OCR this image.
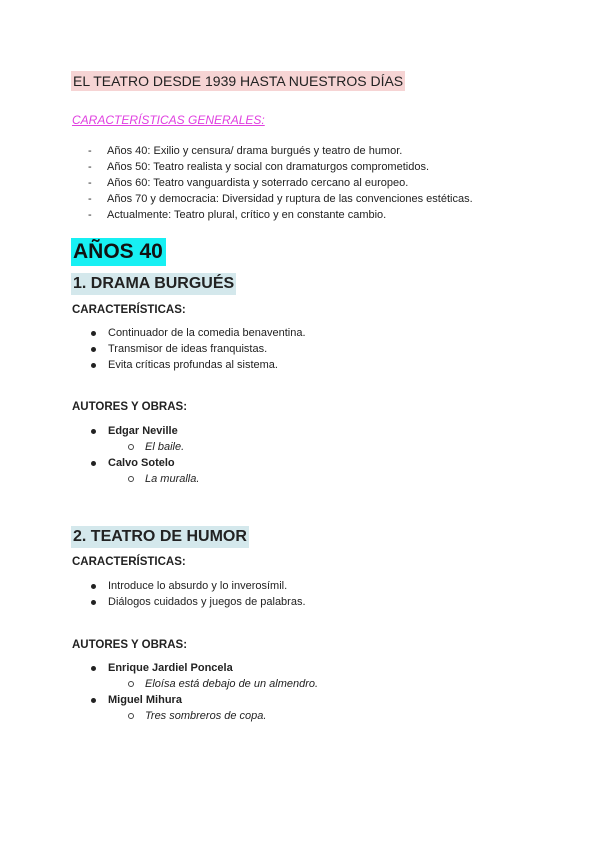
EL TEATRO DESDE 1939 HASTA NUESTROS DÍAS
CARACTERÍSTICAS GENERALES:
- Años 40: Exilio y censura/ drama burgués y teatro de humor.
- Años 50: Teatro realista y social con dramaturgos comprometidos.
- Años 60: Teatro vanguardista y soterrado cercano al europeo.
- Años 70 y democracia: Diversidad y ruptura de las convenciones estéticas.
- Actualmente: Teatro plural, crítico y en constante cambio.
AÑOS 40
1. DRAMA BURGUÉS
CARACTERÍSTICAS:
Continuador de la comedia benaventina.
Transmisor de ideas franquistas.
Evita críticas profundas al sistema.
AUTORES Y OBRAS:
Edgar Neville
El baile.
Calvo Sotelo
La muralla.
2. TEATRO DE HUMOR
CARACTERÍSTICAS:
Introduce lo absurdo y lo inverosímil.
Diálogos cuidados y juegos de palabras.
AUTORES Y OBRAS:
Enrique Jardiel Poncela
Eloísa está debajo de un almendro.
Miguel Mihura
Tres sombreros de copa.
